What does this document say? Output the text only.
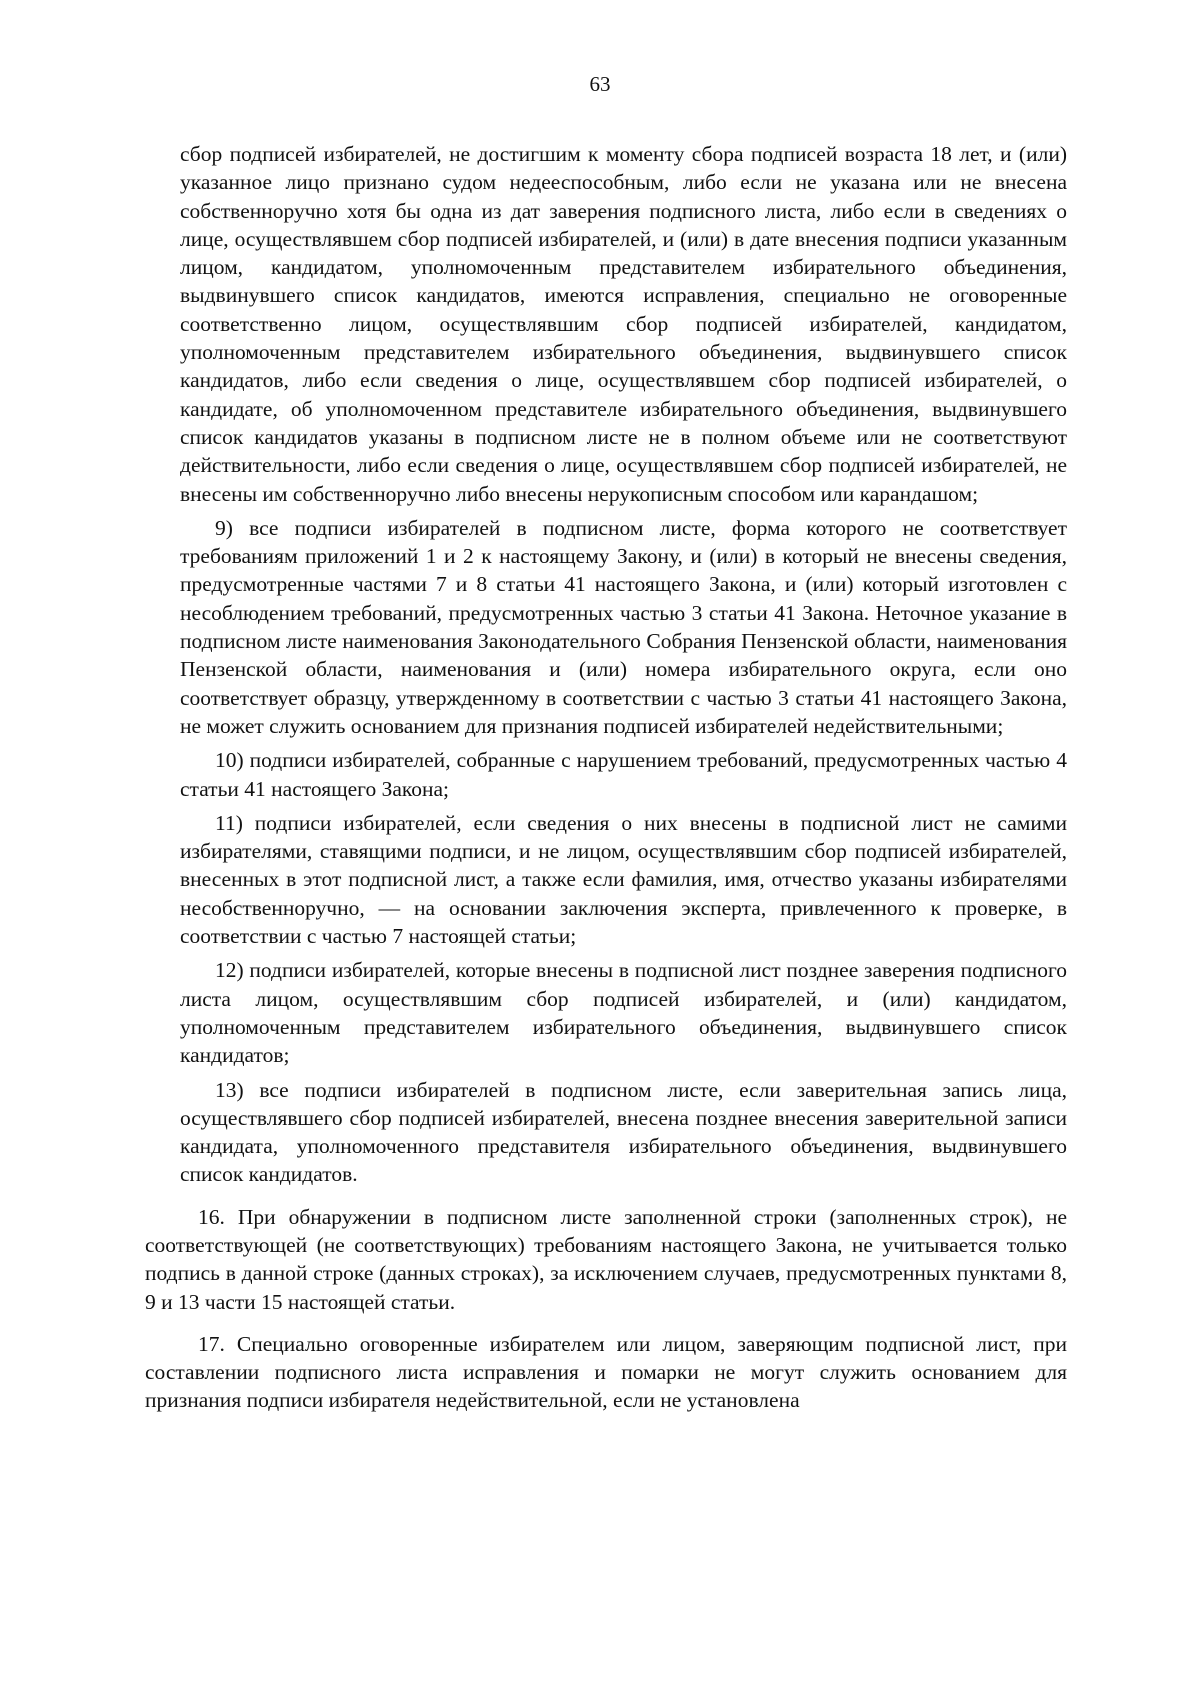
63

сбор подписей избирателей, не достигшим к моменту сбора подписей возраста 18 лет, и (или) указанное лицо признано судом недееспособным, либо если не указана или не внесена собственноручно хотя бы одна из дат заверения подписного листа, либо если в сведениях о лице, осуществлявшем сбор подписей избирателей, и (или) в дате внесения подписи указанным лицом, кандидатом, уполномоченным представителем избирательного объединения, выдвинувшего список кандидатов, имеются исправления, специально не оговоренные соответственно лицом, осуществлявшим сбор подписей избирателей, кандидатом, уполномоченным представителем избирательного объединения, выдвинувшего список кандидатов, либо если сведения о лице, осуществлявшем сбор подписей избирателей, о кандидате, об уполномоченном представителе избирательного объединения, выдвинувшего список кандидатов указаны в подписном листе не в полном объеме или не соответствуют действительности, либо если сведения о лице, осуществлявшем сбор подписей избирателей, не внесены им собственноручно либо внесены нерукописным способом или карандашом;

9) все подписи избирателей в подписном листе, форма которого не соответствует требованиям приложений 1 и 2 к настоящему Закону, и (или) в который не внесены сведения, предусмотренные частями 7 и 8 статьи 41 настоящего Закона, и (или) который изготовлен с несоблюдением требований, предусмотренных частью 3 статьи 41 Закона. Неточное указание в подписном листе наименования Законодательного Собрания Пензенской области, наименования Пензенской области, наименования и (или) номера избирательного округа, если оно соответствует образцу, утвержденному в соответствии с частью 3 статьи 41 настоящего Закона, не может служить основанием для признания подписей избирателей недействительными;

10) подписи избирателей, собранные с нарушением требований, предусмотренных частью 4 статьи 41 настоящего Закона;

11) подписи избирателей, если сведения о них внесены в подписной лист не самими избирателями, ставящими подписи, и не лицом, осуществлявшим сбор подписей избирателей, внесенных в этот подписной лист, а также если фамилия, имя, отчество указаны избирателями несобственноручно, — на основании заключения эксперта, привлеченного к проверке, в соответствии с частью 7 настоящей статьи;

12) подписи избирателей, которые внесены в подписной лист позднее заверения подписного листа лицом, осуществлявшим сбор подписей избирателей, и (или) кандидатом, уполномоченным представителем избирательного объединения, выдвинувшего список кандидатов;

13) все подписи избирателей в подписном листе, если заверительная запись лица, осуществлявшего сбор подписей избирателей, внесена позднее внесения заверительной записи кандидата, уполномоченного представителя избирательного объединения, выдвинувшего список кандидатов.

16. При обнаружении в подписном листе заполненной строки (заполненных строк), не соответствующей (не соответствующих) требованиям настоящего Закона, не учитывается только подпись в данной строке (данных строках), за исключением случаев, предусмотренных пунктами 8, 9 и 13 части 15 настоящей статьи.

17. Специально оговоренные избирателем или лицом, заверяющим подписной лист, при составлении подписного листа исправления и помарки не могут служить основанием для признания подписи избирателя недействительной, если не установлена
